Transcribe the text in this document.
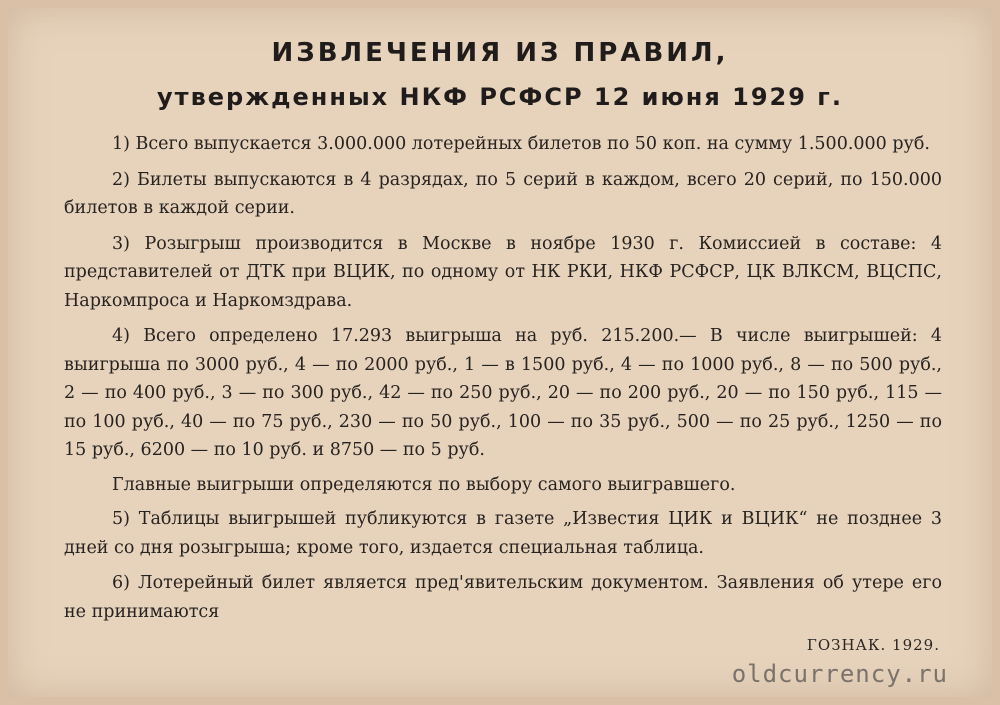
ИЗВЛЕЧЕНИЯ ИЗ ПРАВИЛ,
утвержденных НКФ РСФСР 12 июня 1929 г.

1) Всего выпускается 3.000.000 лотерейных билетов по 50 коп. на сумму 1.500.000 руб.

2) Билеты выпускаются в 4 разрядах, по 5 серий в каждом, всего 20 серий, по 150.000 билетов в каждой серии.

3) Розыгрыш производится в Москве в ноябре 1930 г. Комиссией в составе: 4 представителей от ДТК при ВЦИК, по одному от НК РКИ, НКФ РСФСР, ЦК ВЛКСМ, ВЦСПС, Наркомпроса и Наркомздрава.

4) Всего определено 17.293 выигрыша на руб. 215.200.— В числе выигрышей: 4 выигрыша по 3000 руб., 4 — по 2000 руб., 1 — в 1500 руб., 4 — по 1000 руб., 8 — по 500 руб., 2 — по 400 руб., 3 — по 300 руб., 42 — по 250 руб., 20 — по 200 руб., 20 — по 150 руб., 115 — по 100 руб., 40 — по 75 руб., 230 — по 50 руб., 100 — по 35 руб., 500 — по 25 руб., 1250 — по 15 руб., 6200 — по 10 руб. и 8750 — по 5 руб.

Главные выигрыши определяются по выбору самого выигравшего.

5) Таблицы выигрышей публикуются в газете „Известия ЦИК и ВЦИК“ не позднее 3 дней со дня розыгрыша; кроме того, издается специальная таблица.

6) Лотерейный билет является пред'явительским документом. Заявления об утере его не принимаются

ГОЗНАК. 1929.
oldcurrency.ru
